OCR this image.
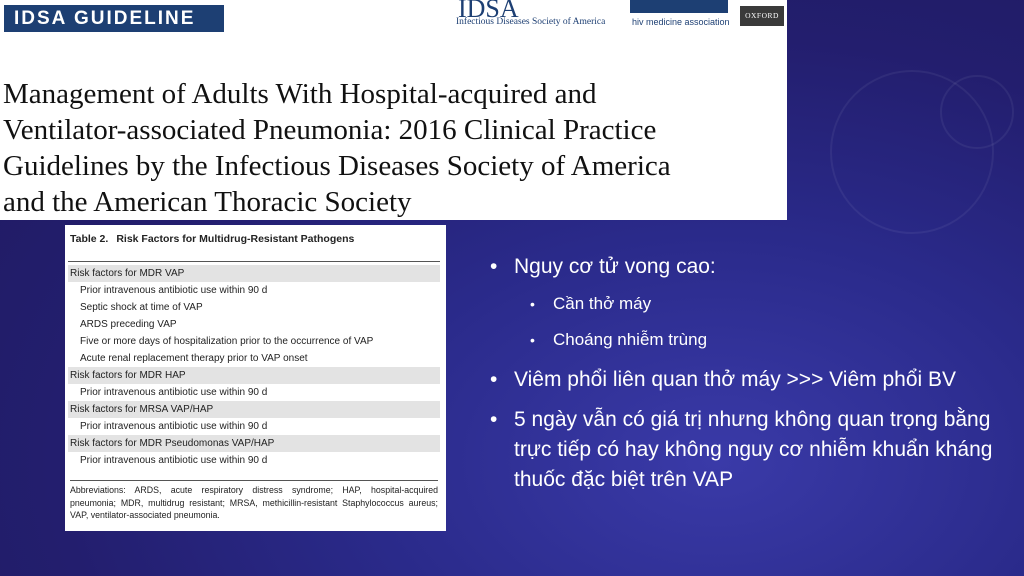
IDSA GUIDELINE	IDSA
Infectious Diseases Society of America	hiv medicine association
OXFORD
Management of Adults With Hospital-acquired and
Ventilator-associated Pneumonia: 2016 Clinical Practice
Guidelines by the Infectious Diseases Society of America
and the American Thoracic Society
Table 2. Risk Factors for Multidrug-Resistant Pathogens
Risk factors for MDR VAP
Prior intravenous antibiotic use within 90 d
Septic shock at time of VAP
ARDS preceding VAP
Five or more days of hospitalization prior to the occurrence of VAP
Acute renal replacement therapy prior to VAP onset
Risk factors for MDR HAP
Prior intravenous antibiotic use within 90 d
Risk factors for MRSA VAP/HAP
Prior intravenous antibiotic use within 90 d
Risk factors for MDR Pseudomonas VAP/HAP
Prior intravenous antibiotic use within 90 d
Abbreviations: ARDS, acute respiratory distress syndrome; HAP, hospital-acquired pneumonia; MDR, multidrug resistant; MRSA, methicillin-resistant Staphylococcus aureus; VAP, ventilator-associated pneumonia.
• Nguy cơ tử vong cao:
• Cần thở máy
• Choáng nhiễm trùng
• Viêm phổi liên quan thở máy >>> Viêm phổi BV
• 5 ngày vẫn có giá trị nhưng không quan trọng bằng trực tiếp có hay không nguy cơ nhiễm khuẩn kháng thuốc đặc biệt trên VAP
